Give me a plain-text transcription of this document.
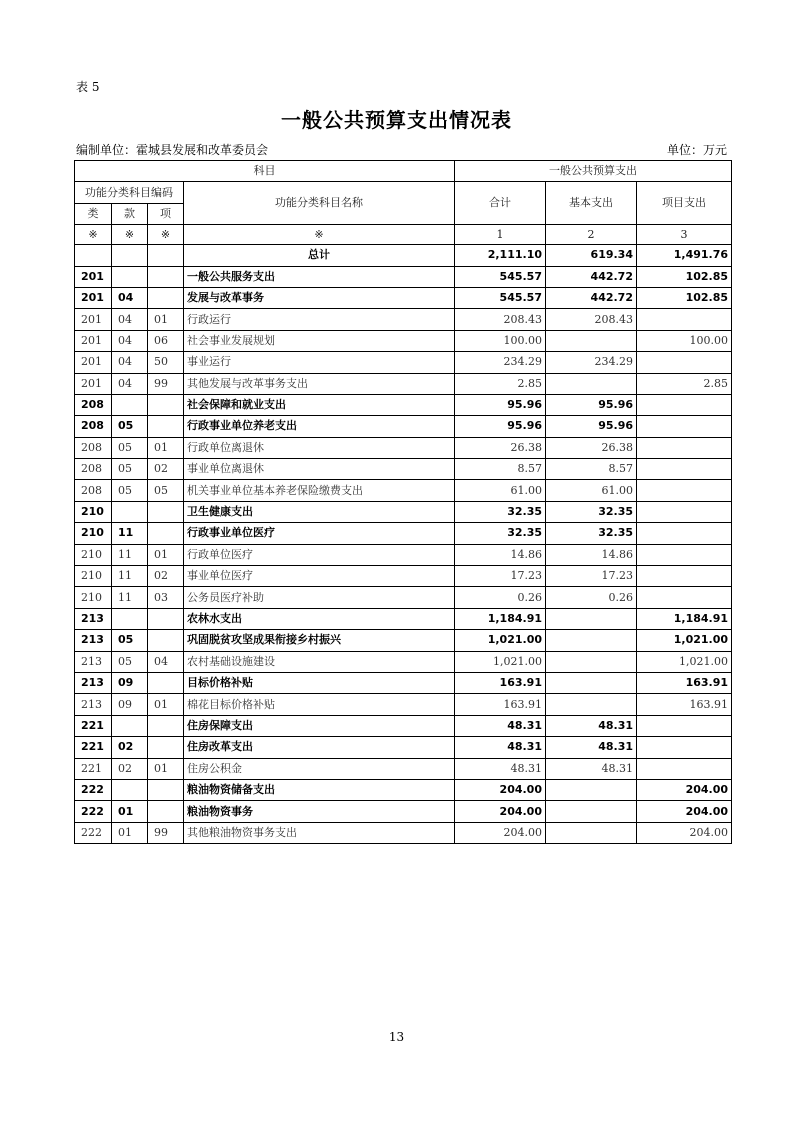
表 5
一般公共预算支出情况表
编制单位：霍城县发展和改革委员会	单位：万元
科目				一般公共预算支出		
功能分类科目编码			功能分类科目名称	合计	基本支出	项目支出
类	款	项				
※	※	※	※	1	2	3
			总计	2,111.10	619.34	1,491.76
201			一般公共服务支出	545.57	442.72	102.85
201	04		发展与改革事务	545.57	442.72	102.85
201	04	01	行政运行	208.43	208.43	
201	04	06	社会事业发展规划	100.00		100.00
201	04	50	事业运行	234.29	234.29	
201	04	99	其他发展与改革事务支出	2.85		2.85
208			社会保障和就业支出	95.96	95.96	
208	05		行政事业单位养老支出	95.96	95.96	
208	05	01	行政单位离退休	26.38	26.38	
208	05	02	事业单位离退休	8.57	8.57	
208	05	05	机关事业单位基本养老保险缴费支出	61.00	61.00	
210			卫生健康支出	32.35	32.35	
210	11		行政事业单位医疗	32.35	32.35	
210	11	01	行政单位医疗	14.86	14.86	
210	11	02	事业单位医疗	17.23	17.23	
210	11	03	公务员医疗补助	0.26	0.26	
213			农林水支出	1,184.91		1,184.91
213	05		巩固脱贫攻坚成果衔接乡村振兴	1,021.00		1,021.00
213	05	04	农村基础设施建设	1,021.00		1,021.00
213	09		目标价格补贴	163.91		163.91
213	09	01	棉花目标价格补贴	163.91		163.91
221			住房保障支出	48.31	48.31	
221	02		住房改革支出	48.31	48.31	
221	02	01	住房公积金	48.31	48.31	
222			粮油物资储备支出	204.00		204.00
222	01		粮油物资事务	204.00		204.00
222	01	99	其他粮油物资事务支出	204.00		204.00
13
